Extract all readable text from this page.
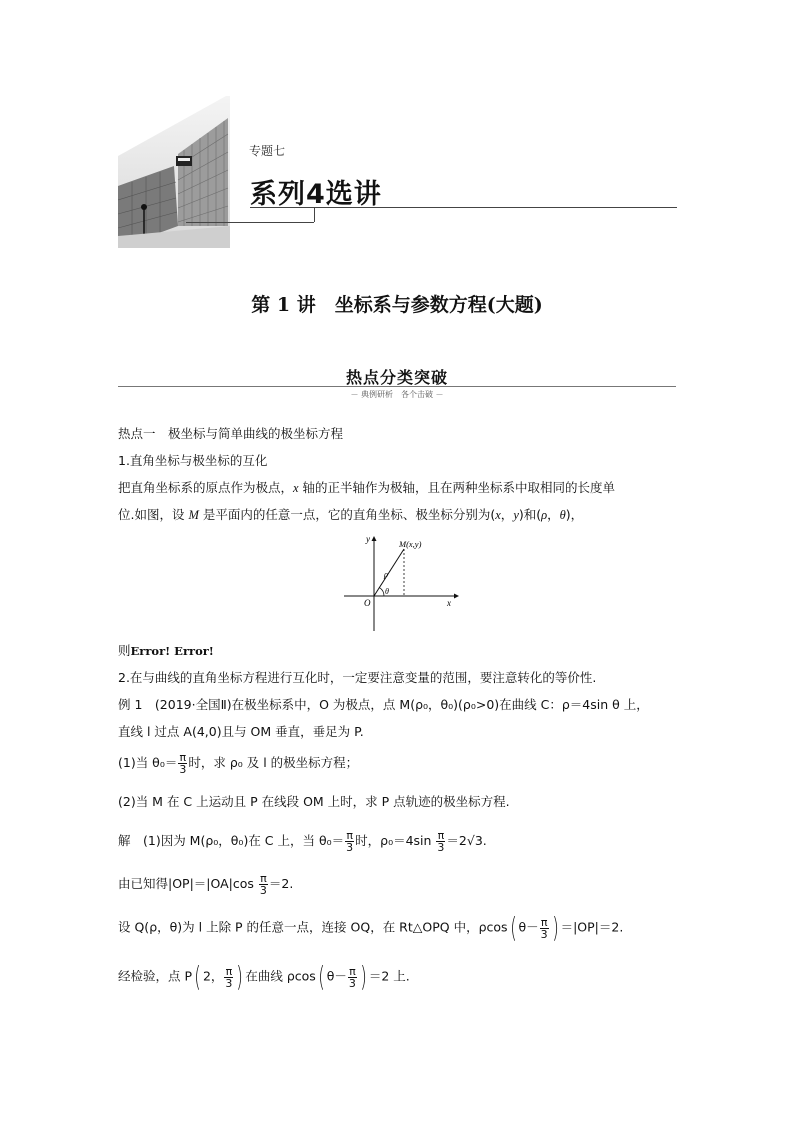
专题七
系列4选讲
第 1 讲　坐标系与参数方程(大题)
热点分类突破
－ 典例研析　各个击破 －
热点一　极坐标与简单曲线的极坐标方程
1.直角坐标与极坐标的互化
把直角坐标系的原点作为极点，x 轴的正半轴作为极轴，且在两种坐标系中取相同的长度单
位.如图，设 M 是平面内的任意一点，它的直角坐标、极坐标分别为(x，y)和(ρ，θ)，
y
x
O
M(x,y)
ρ
θ
则Error! Error!
2.在与曲线的直角坐标方程进行互化时，一定要注意变量的范围，要注意转化的等价性.
例 1　(2019·全国Ⅱ)在极坐标系中，O 为极点，点 M(ρ₀，θ₀)(ρ₀>0)在曲线 C：ρ＝4sin θ 上，
直线 l 过点 A(4,0)且与 OM 垂直，垂足为 P.
(1)当 $\theta_0= \frac{\pi}{3}$ 时，求 ρ₀ 及 l 的极坐标方程；
(2)当 M 在 C 上运动且 P 在线段 OM 上时，求 P 点轨迹的极坐标方程.
解　(1)因为 M(ρ₀，θ₀)在 C 上，当 $\theta_0= \frac{\pi}{3}$ 时，$\rho_0=4\sin \frac{\pi}{3} =2√3$.
由已知得$|OP|=|OA|\cos \frac{\pi}{3} =2$.
设 Q(ρ，θ)为 l 上除 P 的任意一点，连接 OQ，在 Rt△OPQ 中，ρcos( $\theta- \frac{\pi}{3}$ ) ＝|OP|＝2.
经检验，点 P( 2， $\frac{\pi}{3}$ ) 在曲线 ρcos( $\theta- \frac{\pi}{3}$ ) ＝2 上.
